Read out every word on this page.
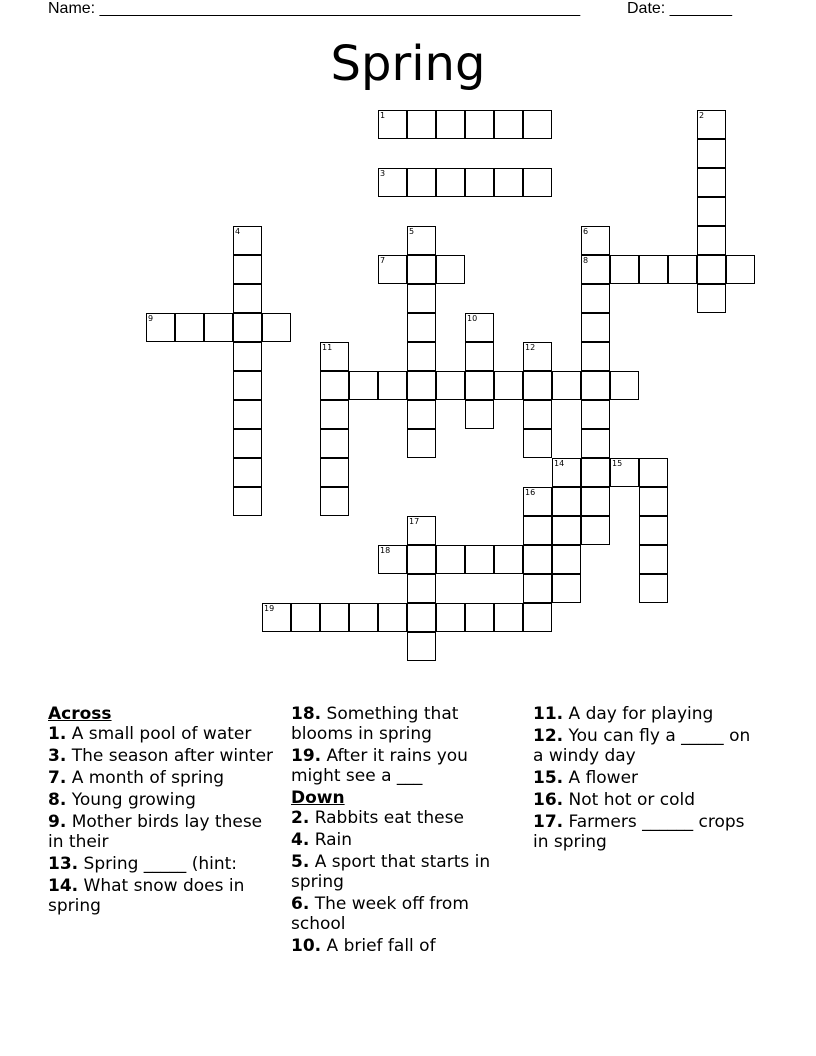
Name: ______________________________________________________	Date: _______
Spring
1	2
3
4
9
5
7
6
8
10
11	12
14	15
16
18
17
19
Across
1. A small pool of water
3. The season after winter
7. A month of spring
8. Young growing
9. Mother birds lay these in their
13. Spring _____ (hint:
14. What snow does in spring
18. Something that blooms in spring
19. After it rains you might see a ___
Down
2. Rabbits eat these
4. Rain
5. A sport that starts in spring
6. The week off from school
10. A brief fall of
11. A day for playing
12. You can fly a _____ on a windy day
15. A flower
16. Not hot or cold
17. Farmers ______ crops in spring
